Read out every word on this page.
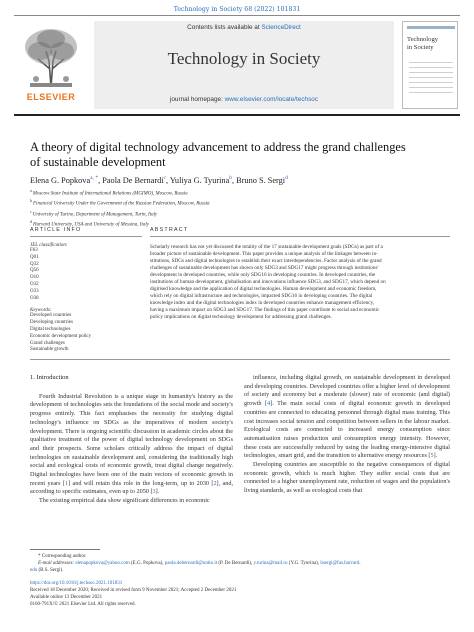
Technology in Society 68 (2022) 101831
ELSEVIER
Contents lists available at ScienceDirect
Technology in Society
journal homepage: www.elsevier.com/locate/techsoc
Technology
in Society
A theory of digital technology advancement to address the grand challenges
of sustainable development
Elena G. Popkova$^{a, *}$, Paola De Bernardi$^c$, Yuliya G. Tyurina$^b$, Bruno S. Sergi$^d$
$^a$ Moscow State Institute of International Relations (MGIMO), Moscow, Russia
$^b$ Financial University Under the Government of the Russian Federation, Moscow, Russia
$^c$ University of Turino, Department of Management, Turin, Italy
$^d$ Harvard University, USA and University of Messina, Italy
ARTICLE INFO
JEL classification:
F63
Q01
Q32
Q56
O10
O32
O33
O38
Keywords:
Developed countries
Developing countries
Digital technologies
Economic development policy
Grand challenges
Sustainable growth
ABSTRACT
Scholarly research has not yet discussed the totality of the 17 sustainable development goals (SDGs) as part of a
broader picture of sustainable development. This paper provides a unique analysis of the linkages between in-
stitutions, SDGs and digital technologies to establish their exact interdependencies. Factor analysis of the grand
challenges of sustainable development has shown only SDG3 and SDG17 might progress through institutions'
development in developed countries, while only SDG16 in developing countries. In developed countries, the
institutions of human development, globalisation and innovations influence SDG3, and SDG17, which depend on
digitised knowledge and the application of digital technologies. Human development and economic freedom,
which rely on digital infrastructure and technologies, impacted SDG16 in developing countries. The digital
knowledge index and the digital technologies index in developed countries enhance management efficiency,
having a maximum impact on SDG3 and SDG17. The findings of this paper contribute to social and economic
policy implications on digital technology development for addressing grand challenges.
1. Introduction
Fourth Industrial Revolution is a unique stage in humanity's history as the development of technologies sets the foundations of the social mode and society's progress entirely. This fact emphasises the necessity for studying digital technology's influence on SDGs as the imperatives of modern society's development. There is ongoing scientific discussion in academic circles about the qualitative treatment of the power of digital technology development on SDGs and their prospects. Some scholars critically address the impact of digital technologies on sustainable development and, considering the traditionally high social and ecological costs of economic growth, treat digital change negatively. Digital technologies have been one of the main vectors of economic growth in recent years [1] and will retain this role in the long-term, up to 2030 [2], and, according to specific estimates, even up to 2050 [3].
The existing empirical data show significant differences in economic
influence, including digital growth, on sustainable development in developed and developing countries. Developed countries offer a higher level of development of society and economy but a moderate (slower) rate of economic (and digital) growth [4]. The main social costs of digital economic growth in developed countries are connected to educating personnel through digital mass training. This cost increases social tension and competition between sellers in the labour market. Ecological costs are connected to increased energy consumption since automatisation raises production and consumption energy intensity. However, these costs are successfully reduced by using the leading energy-intensive digital technologies, smart grid, and the transition to alternative energy resources [5].
Developing countries are susceptible to the negative consequences of digital economic growth, which is much higher. They suffer social costs that are connected to a higher unemployment rate, reduction of wages and the population's living standards, as well as ecological costs that
* Corresponding author.
E-mail addresses: elenapopkova@yahoo.com (E.G. Popkova), paola.debernardi@unito.it (P. De Bernardi), y.turina@mail.ru (Y.G. Tyurina), bsergi@fas.harvard.
edu (B.S. Sergi).
https://doi.org/10.1016/j.techsoc.2021.101831
Received 18 December 2020; Received in revised form 9 November 2021; Accepted 2 December 2021
Available online 13 December 2021
0160-791X/© 2021 Elsevier Ltd. All rights reserved.
